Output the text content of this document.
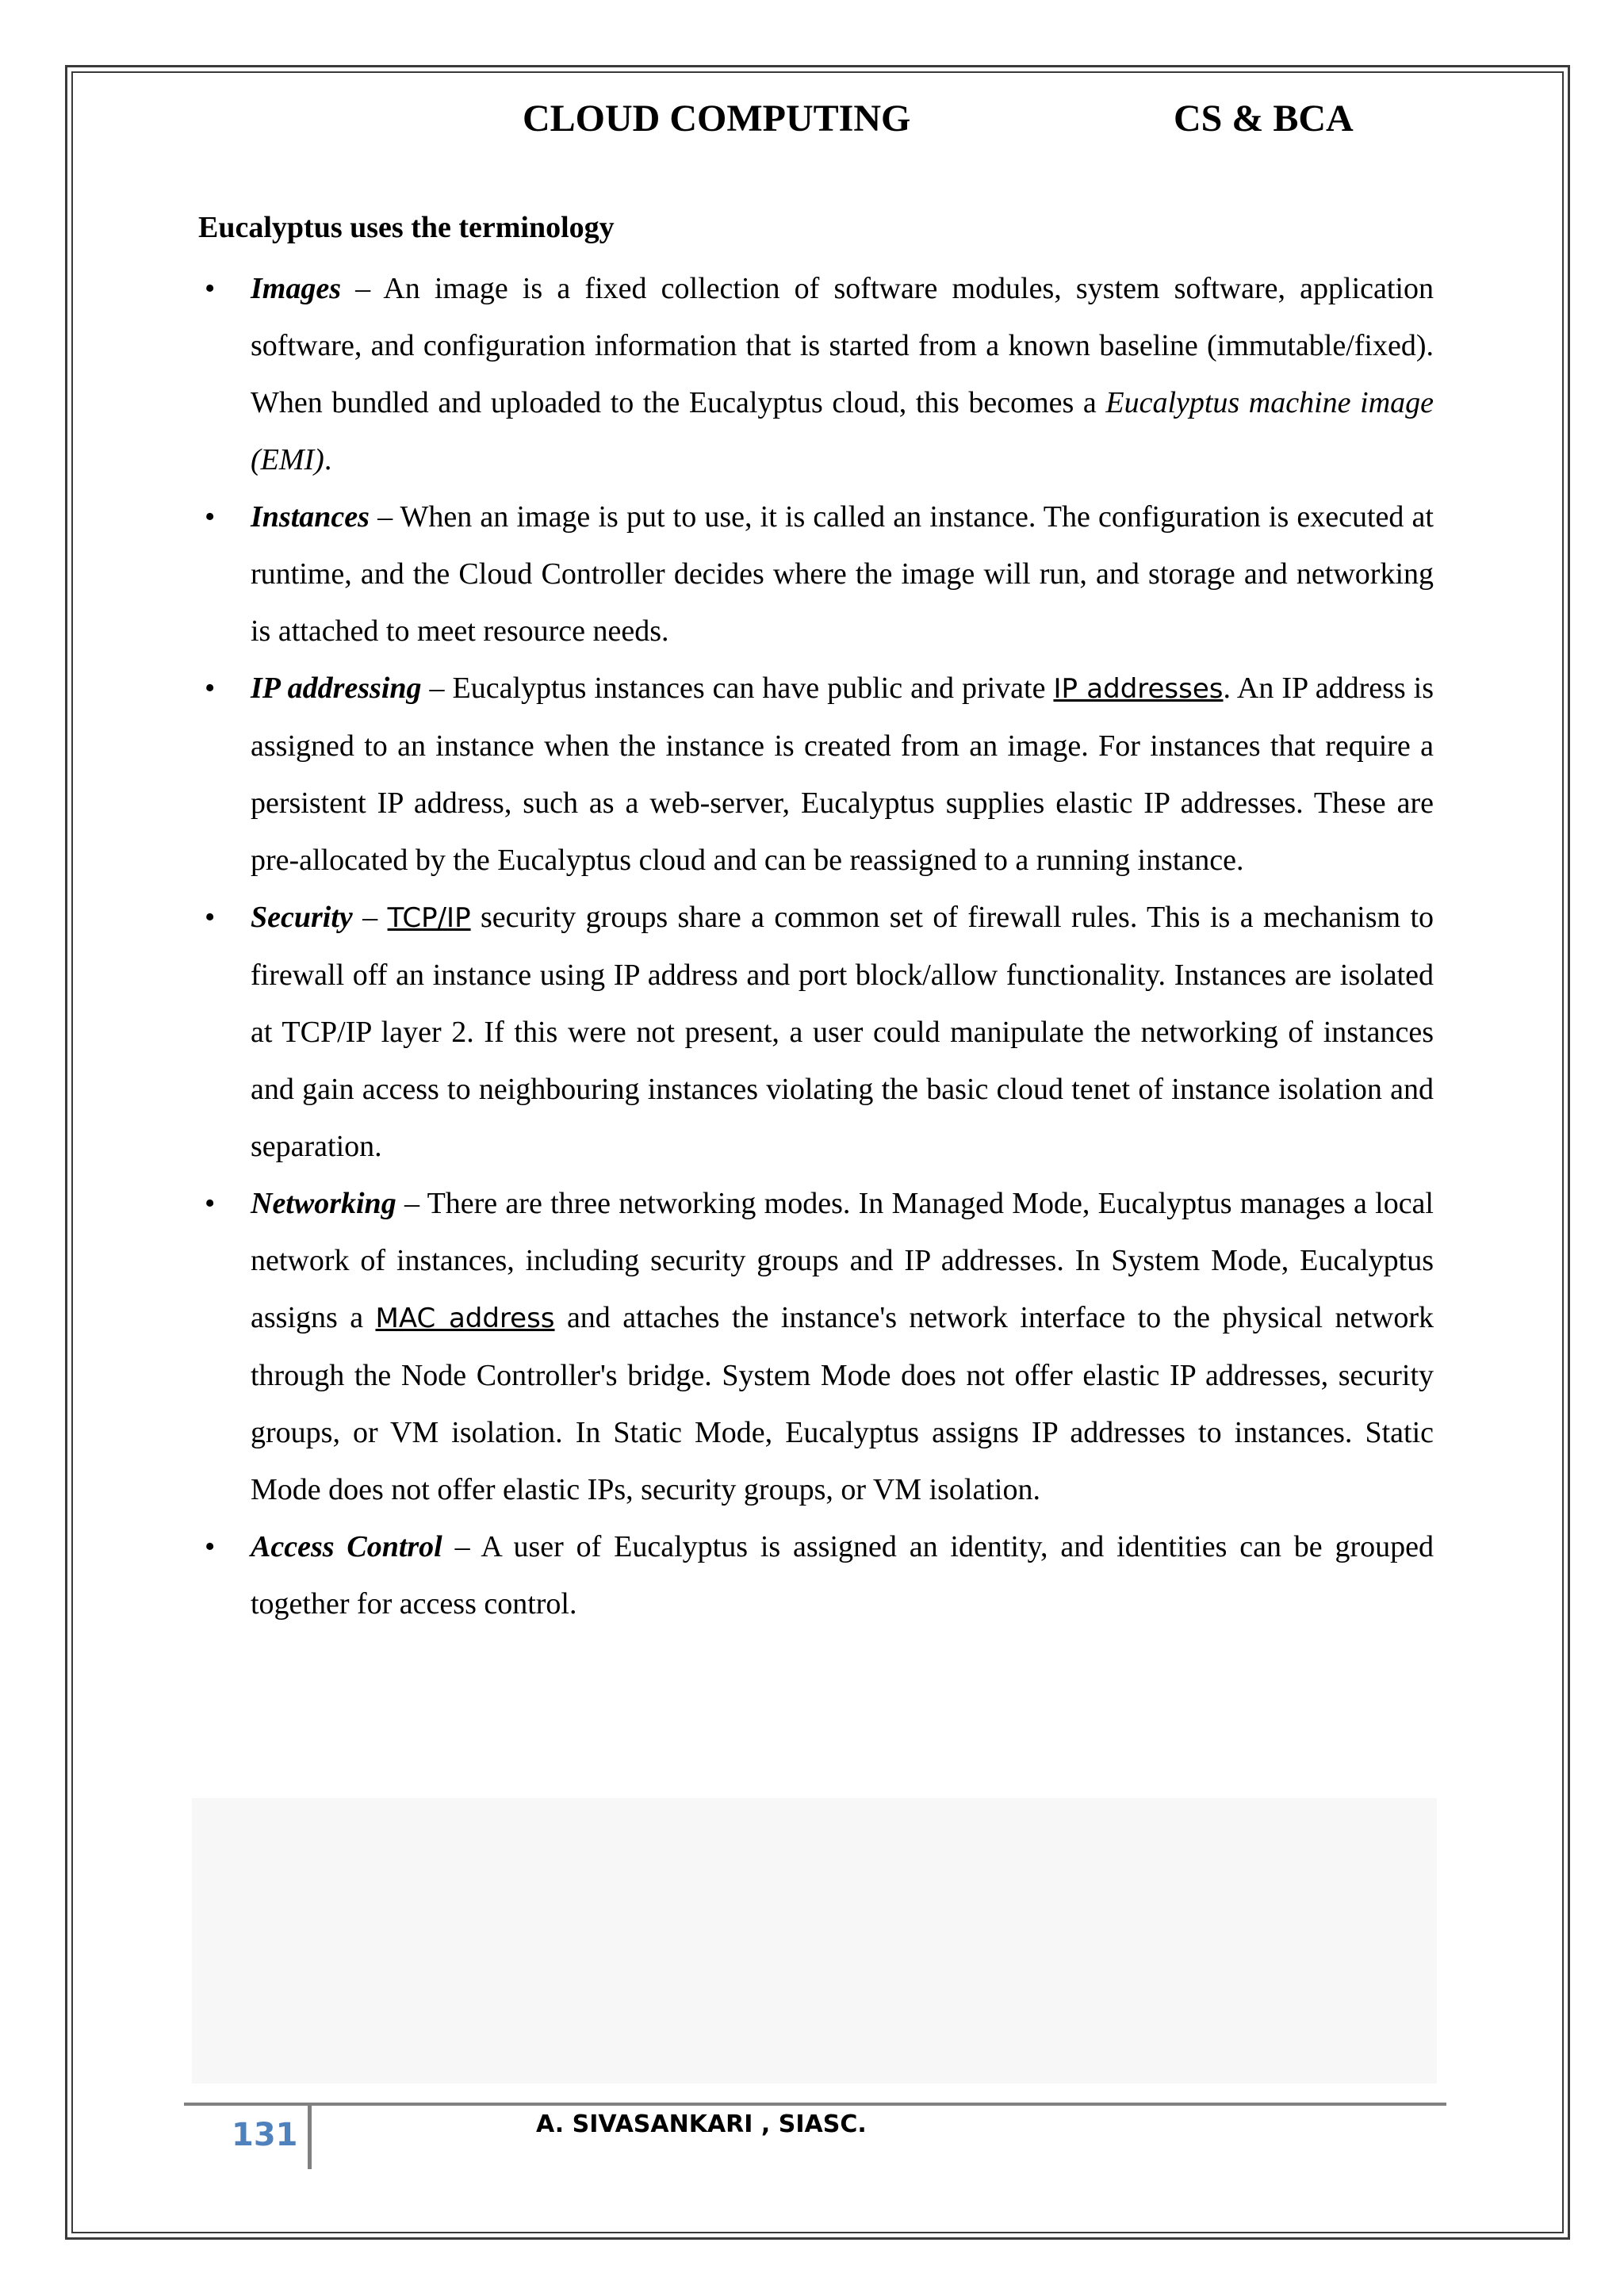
CLOUD COMPUTING	CS & BCA
Eucalyptus uses the terminology
• Images – An image is a fixed collection of software modules, system software, application software, and configuration information that is started from a known baseline (immutable/fixed). When bundled and uploaded to the Eucalyptus cloud, this becomes a Eucalyptus machine image (EMI).
• Instances – When an image is put to use, it is called an instance. The configuration is executed at runtime, and the Cloud Controller decides where the image will run, and storage and networking is attached to meet resource needs.
• IP addressing – Eucalyptus instances can have public and private IP addresses. An IP address is assigned to an instance when the instance is created from an image. For instances that require a persistent IP address, such as a web-server, Eucalyptus supplies elastic IP addresses. These are pre-allocated by the Eucalyptus cloud and can be reassigned to a running instance.
• Security – TCP/IP security groups share a common set of firewall rules. This is a mechanism to firewall off an instance using IP address and port block/allow functionality. Instances are isolated at TCP/IP layer 2. If this were not present, a user could manipulate the networking of instances and gain access to neighbouring instances violating the basic cloud tenet of instance isolation and separation.
• Networking – There are three networking modes. In Managed Mode, Eucalyptus manages a local network of instances, including security groups and IP addresses. In System Mode, Eucalyptus assigns a MAC address and attaches the instance's network interface to the physical network through the Node Controller's bridge. System Mode does not offer elastic IP addresses, security groups, or VM isolation. In Static Mode, Eucalyptus assigns IP addresses to instances. Static Mode does not offer elastic IPs, security groups, or VM isolation.
• Access Control – A user of Eucalyptus is assigned an identity, and identities can be grouped together for access control.
131	A. SIVASANKARI , SIASC.
